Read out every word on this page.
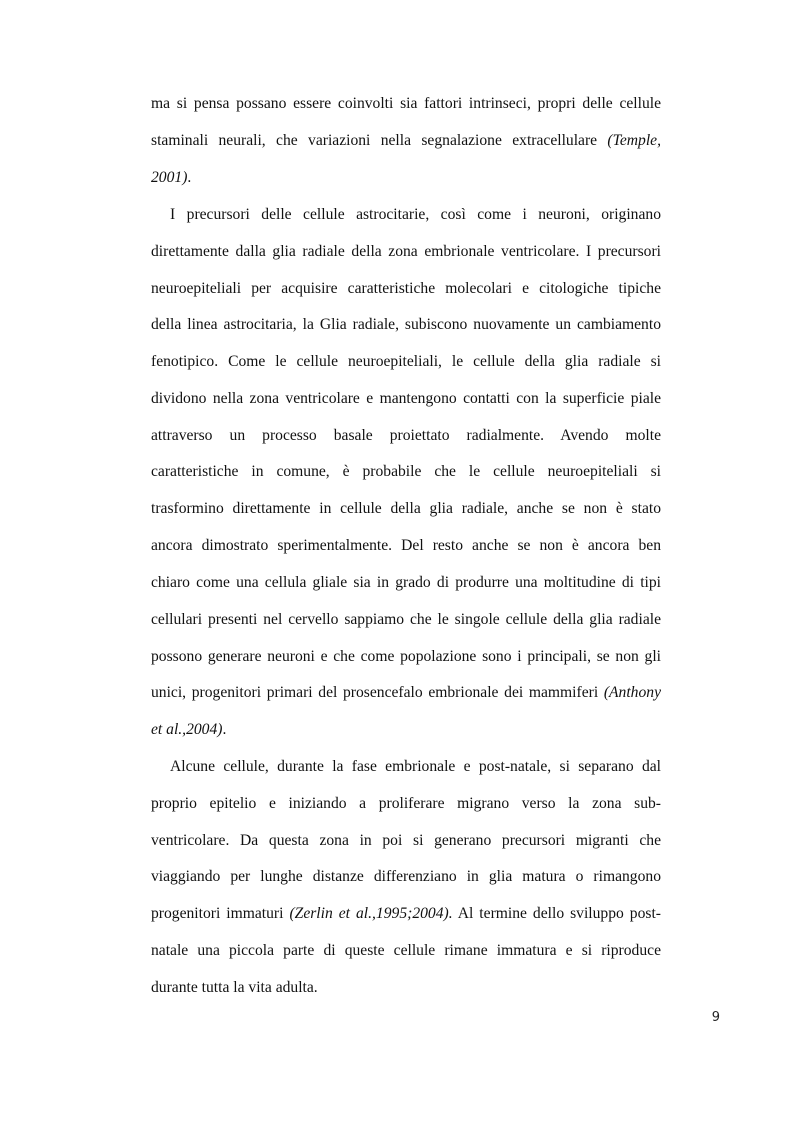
ma si pensa possano essere coinvolti sia fattori intrinseci, propri delle cellule
staminali neurali, che variazioni nella segnalazione extracellulare (Temple,
2001).
I precursori delle cellule astrocitarie, così come i neuroni, originano
direttamente dalla glia radiale della zona embrionale ventricolare. I precursori
neuroepiteliali per acquisire caratteristiche molecolari e citologiche tipiche
della linea astrocitaria, la Glia radiale, subiscono nuovamente un cambiamento
fenotipico. Come le cellule neuroepiteliali, le cellule della glia radiale si
dividono nella zona ventricolare e mantengono contatti con la superficie piale
attraverso un processo basale proiettato radialmente. Avendo molte
caratteristiche in comune, è probabile che le cellule neuroepiteliali si
trasformino direttamente in cellule della glia radiale, anche se non è stato
ancora dimostrato sperimentalmente. Del resto anche se non è ancora ben
chiaro come una cellula gliale sia in grado di produrre una moltitudine di tipi
cellulari presenti nel cervello sappiamo che le singole cellule della glia radiale
possono generare neuroni e che come popolazione sono i principali, se non gli
unici, progenitori primari del prosencefalo embrionale dei mammiferi (Anthony
et al.,2004).
Alcune cellule, durante la fase embrionale e post-natale, si separano dal
proprio epitelio e iniziando a proliferare migrano verso la zona sub-
ventricolare. Da questa zona in poi si generano precursori migranti che
viaggiando per lunghe distanze differenziano in glia matura o rimangono
progenitori immaturi (Zerlin et al.,1995;2004). Al termine dello sviluppo post-
natale una piccola parte di queste cellule rimane immatura e si riproduce
durante tutta la vita adulta.
9
